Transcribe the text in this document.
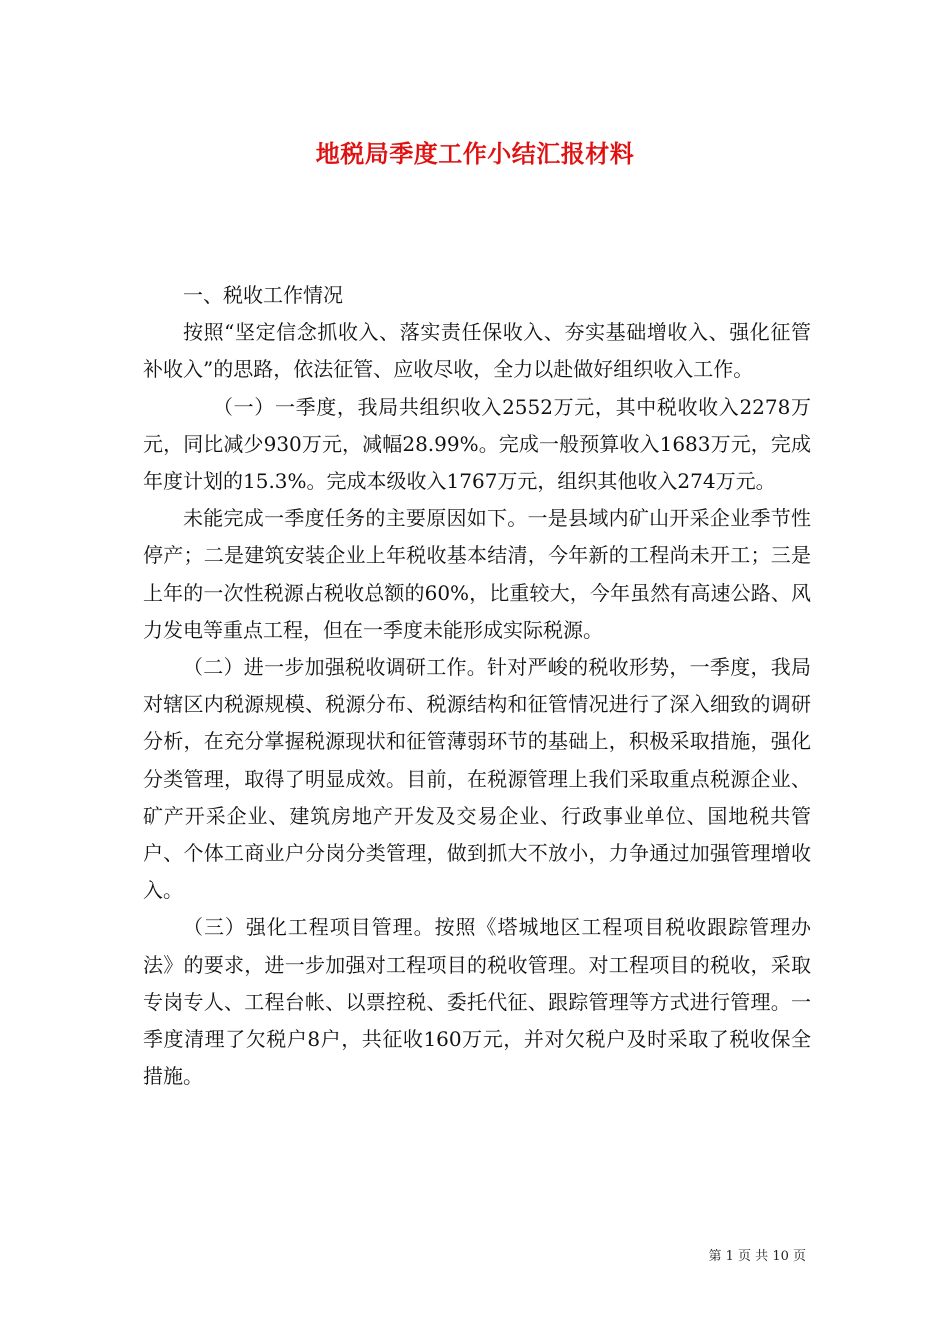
地税局季度工作小结汇报材料

一、税收工作情况

按照“坚定信念抓收入、落实责任保收入、夯实基础增收入、强化征管补收入”的思路，依法征管、应收尽收，全力以赴做好组织收入工作。

（一）一季度，我局共组织收入2552万元，其中税收收入2278万元，同比减少930万元，减幅28.99%。完成一般预算收入1683万元，完成年度计划的15.3%。完成本级收入1767万元，组织其他收入274万元。

未能完成一季度任务的主要原因如下。一是县域内矿山开采企业季节性停产；二是建筑安装企业上年税收基本结清，今年新的工程尚未开工；三是上年的一次性税源占税收总额的60%，比重较大，今年虽然有高速公路、风力发电等重点工程，但在一季度未能形成实际税源。

（二）进一步加强税收调研工作。针对严峻的税收形势，一季度，我局对辖区内税源规模、税源分布、税源结构和征管情况进行了深入细致的调研分析，在充分掌握税源现状和征管薄弱环节的基础上，积极采取措施，强化分类管理，取得了明显成效。目前，在税源管理上我们采取重点税源企业、矿产开采企业、建筑房地产开发及交易企业、行政事业单位、国地税共管户、个体工商业户分岗分类管理，做到抓大不放小，力争通过加强管理增收入。

（三）强化工程项目管理。按照《塔城地区工程项目税收跟踪管理办法》的要求，进一步加强对工程项目的税收管理。对工程项目的税收，采取专岗专人、工程台帐、以票控税、委托代征、跟踪管理等方式进行管理。一季度清理了欠税户8户，共征收160万元，并对欠税户及时采取了税收保全措施。

第 1 页 共 10 页
